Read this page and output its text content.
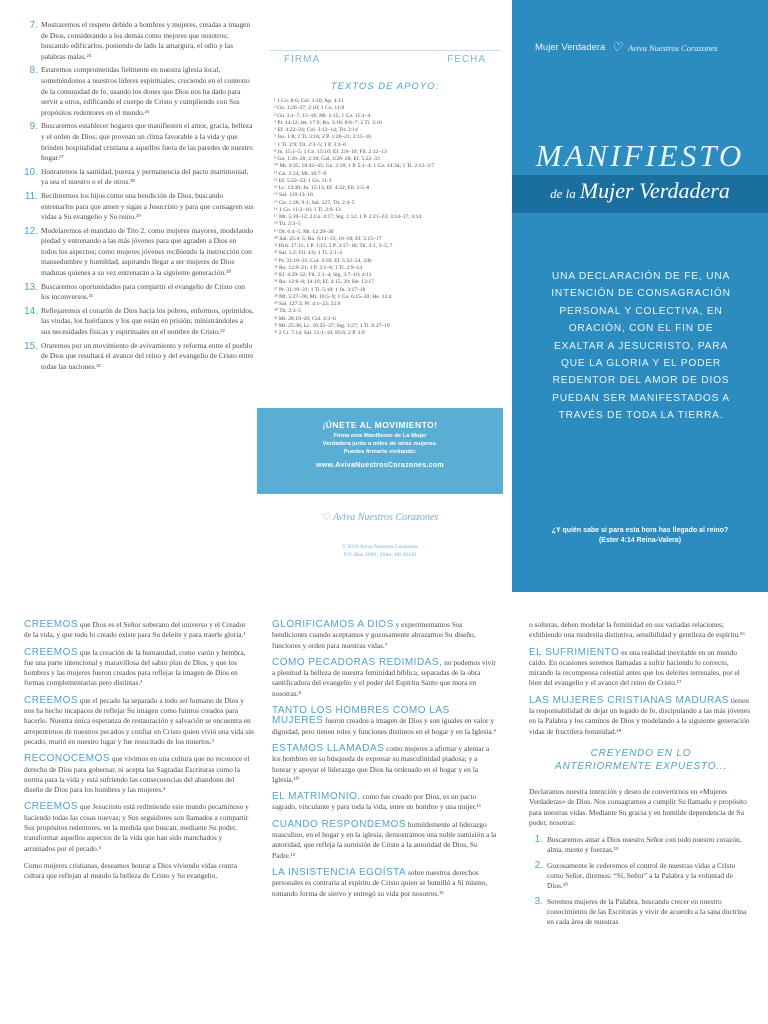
7. Mostraremos el respeto debido a hombres y mujeres, creadas a imagen de Dios, considerando a los demás como mejores que nosotros; buscando edificarlos, poniendo de lado la amargura, el odio y las palabras malas.²⁵
8. Estaremos comprometidas fielmente en nuestra iglesia local, sometiéndonos a nuestros líderes espirituales, creciendo en el contexto de la comunidad de fe, usando los dones que Dios nos ha dado para servir a otros, edificando el cuerpo de Cristo y cumpliendo con Sus propósitos redentores en el mundo.²⁶
9. Buscaremos establecer hogares que manifiesten el amor, gracia, belleza y el orden de Dios; que provean un clima favorable a la vida y que brinden hospitalidad cristiana a aquellos fuera de las paredes de nuestro hogar.²⁷
10. Honraremos la santidad, pureza y permanencia del pacto matrimonial, ya sea el nuestro o el de otros.²⁸
11. Recibiremos los hijos como una bendición de Dios, buscando entrenarlos para que amen y sigan a Jesucristo y para que consagren sus vidas a Su evangelio y Su reino.²⁹
12. Modelaremos el mandato de Tito 2, como mujeres mayores, modelando piedad y entrenando a las más jóvenes para que agraden a Dios en todos los aspectos; como mujeres jóvenes recibiendo la instrucción con mansedumbre y humildad, aspirando llegar a ser mujeres de Dios maduras quienes a su vez entrenarán a la siguiente generación.³⁰
13. Buscaremos oportunidades para compartir el evangelio de Cristo con los inconversos.³¹
14. Reflejaremos el corazón de Dios hacia los pobres, enfermos, oprimidos, las viudas, los huérfanos y los que están en prisión; ministrándoles a sus necesidades físicas y espirituales en el nombre de Cristo.³²
15. Oraremos por un movimiento de avivamiento y reforma entre el pueblo de Dios que resultará el avance del reino y del evangelio de Cristo entre todas las naciones.³³
FIRMA	FECHA
TEXTOS DE APOYO:
¹ 1 Co. 8:6; Col. 1:16; Ap. 4:11
² Gn. 1:26–27; 2:18; 1 Co. 11:8
³ Gn. 3:1–7, 15–16; Mr. 1:15; 1 Co. 15:1–4
⁴ Pr. 14:12; Jer. 17:9; Ro. 3:18; 8:6–7; 2 Ti. 3:16
⁵ Ef. 4:22–24; Col. 3:12–14; Tit. 2:14
⁶ Jos. 1:8; 2 Ti. 3:16; 2 P. 1:20–21; 3:15–16
⁷ 1 Ti. 2:9; Tit. 2:3–5; 1 P. 3:3–6
⁸ Jn. 15:1–5; 1 Co. 15:10; Ef. 2:8–10; Fil. 2:12–13
⁹ Gn. 1:26–28; 2:18; Gal. 3:26–28; Ef. 5:22–33
¹⁰ Mr. 9:35; 10:42–45; Gn. 2:18; 1 P. 5:1–4; 1 Co. 14:34; 1 Ti. 2:12–3:7
¹¹ Gn. 2:24; Mr. 10:7–9
¹² Ef. 5:22–33; 1 Co. 11:3
¹³ Lc. 13:30; Jn. 15:13; Ef. 4:32; Fil. 2:5–8
¹⁴ Sal. 139:13–16
¹⁵ Gn. 1:28; 9:1; Sal. 127; Tit. 2:4–5
¹⁶ 1 Co. 11:2–16; 1 Ti. 2:9–13
¹⁷ Mt. 5:10–12; 2 Co. 4:17; Stg. 1:12; 1 P. 2:21–23; 3:14–17; 4:14
¹⁸ Tit. 2:3–5
¹⁹ Dt. 6:4–5; Mt. 12:29–30
²⁰ Sal. 25:4–5; Ro. 6:11–13; 16–18; Ef. 5:15–17
²¹ Hch. 17:11; 1 P. 1:15; 2 P. 3:17–18; Tit. 2:1, 3–5, 7
²² Sal. 5:2; Fil. 4:6; 1 Ti. 2:1–2
²³ Pr. 31:10–31; Col. 3:18; Ef. 5:22–24, 33b
²⁴ Ro. 12:9–21; 1 P. 3:1–6; 1 Ti. 2:9–14
²⁵ Ef. 4:29–32; Fil. 2:1–4; Stg. 3:7–10; 4:11
²⁶ Ro. 12:6–8; 14:19; Ef. 4:15, 29; He. 13:17
²⁷ Pr. 31:10–31; 1 Ti. 5:10; 1 Jn. 3:17–18
²⁸ Mt. 5:27–28; Mr. 10:5–9; 1 Co. 6:15–20; He. 13:4
²⁹ Sal. 127:3; Pr. 4:1–23; 22:6
³⁰ Tit. 2:3–5
³¹ Mt. 28:19–20; Col. 4:3–6
³² Mt. 25:36; Lc. 10:25–37; Stg. 1:27; 1 Ti. 6:17–19
³³ 2 Cr. 7:14; Sal. 51:1–10; 85:6; 2 P. 3:9
¡ÚNETE AL MOVIMIENTO!
Firma este Manifiesto de La Mujer
Verdadera junto a miles de otras mujeres.
Puedes firmarlo visitando:
www.AvivaNuestrosCorazones.com
♡ Aviva Nuestros Corazones
© 2016 Aviva Nuestros Corazones
P.O. Box 2000 | Niles, MI 49120
Mujer Verdadera ♡ Aviva Nuestros Corazones
MANIFIESTO
de la Mujer Verdadera
UNA DECLARACIÓN DE FE, UNA
INTENCIÓN DE CONSAGRACIÓN
PERSONAL Y COLECTIVA, EN
ORACIÓN, CON EL FIN DE
EXALTAR A JESUCRISTO, PARA
QUE LA GLORIA Y EL PODER
REDENTOR DEL AMOR DE DIOS
PUEDAN SER MANIFESTADOS A
TRAVÉS DE TODA LA TIERRA.
¿Y quién sabe si para esta hora has llegado al reino?
(Ester 4:14 Reina-Valera)
CREEMOS que Dios es el Señor soberano del universo y el Creador de la vida, y que todo lo creado existe para Su deleite y para traerle gloria.¹
CREEMOS que la creación de la humanidad, como varón y hembra, fue una parte intencional y maravillosa del sabio plan de Dios, y que los hombres y las mujeres fueron creados para reflejar la imagen de Dios en formas complementarias pero distintas.²
CREEMOS que el pecado ha separado a todo ser humano de Dios y nos ha hecho incapaces de reflejar Su imagen como fuimos creados para hacerlo. Nuestra única esperanza de restauración y salvación se encuentra en arrepentirnos de nuestros pecados y confiar en Cristo quien vivió una vida sin pecado, murió en nuestro lugar y fue resucitado de los muertos.³
RECONOCEMOS que vivimos en una cultura que no reconoce el derecho de Dios para gobernar, ni acepta las Sagradas Escrituras como la norma para la vida y está sufriendo las consecuencias del abandono del diseño de Dios para los hombres y las mujeres.⁴
CREEMOS que Jesucristo está redimiendo este mundo pecaminoso y haciendo todas las cosas nuevas; y Sus seguidores son llamados a compartir Sus propósitos redentores, en la medida que buscan, mediante Su poder, transformar aquellos aspectos de la vida que han sido manchados y arruinados por el pecado.⁵
Como mujeres cristianas, deseamos honrar a Dios viviendo vidas contra cultura que reflejan al mundo la belleza de Cristo y Su evangelio.
GLORIFICAMOS A DIOS y experimentamos Sus bendiciones cuando aceptamos y gozosamente abrazamos Su diseño, funciones y orden para nuestras vidas.⁷
COMO PECADORAS REDIMIDAS, no podemos vivir a plenitud la belleza de nuestra feminidad bíblica, separadas de la obra santificadora del evangelio y el poder del Espíritu Santo que mora en nosotras.⁸
TANTO LOS HOMBRES COMO LAS MUJERES fueron creados a imagen de Dios y son iguales en valor y dignidad, pero tienen roles y funciones distintos en el hogar y en la Iglesia.⁹
ESTAMOS LLAMADAS como mujeres a afirmar y alentar a los hombres en su búsqueda de expresar su masculinidad piadosa; y a honrar y apoyar el liderazgo que Dios ha ordenado en el hogar y en la Iglesia.¹⁰
EL MATRIMONIO, como fue creado por Dios, es un pacto sagrado, vinculante y para toda la vida, entre un hombre y una mujer.¹¹
CUANDO RESPONDEMOS humildemente al liderazgo masculino, en el hogar y en la iglesia, demostramos una noble sumisión a la autoridad, que refleja la sumisión de Cristo a la autoridad de Dios, Su Padre.¹²
LA INSISTENCIA EGOÍSTA sobre nuestros derechos personales es contraria al espíritu de Cristo quien se humilló a Sí mismo, tomando forma de siervo y entregó su vida por nosotros.¹³
o solteras, deben modelar la feminidad en sus variadas relaciones; exhibiendo una modestia distintiva, sensibilidad y gentileza de espíritu.¹⁶
EL SUFRIMIENTO es una realidad inevitable en un mundo caído. En ocasiones seremos llamadas a sufrir haciendo lo correcto, mirando la recompensa celestial antes que los deleites terrenales, por el bien del evangelio y el avance del reino de Cristo.¹⁷
LAS MUJERES CRISTIANAS MADURAS tienen la responsabilidad de dejar un legado de fe, discipulando a las más jóvenes en la Palabra y los caminos de Dios y modelando a la siguiente generación vidas de fructífera feminidad.¹⁸
CREYENDO EN LO
ANTERIORMENTE EXPUESTO...
Declaramos nuestra intención y deseo de convertirnos en «Mujeres Verdaderas» de Dios. Nos consagramos a cumplir Su llamado y propósito para nuestras vidas. Mediante Su gracia y en humilde dependencia de Su poder, nosotras:
1. Buscaremos amar a Dios nuestro Señor con todo nuestro corazón, alma, mente y fuerzas.¹⁹
2. Gozosamente le cederemos el control de nuestras vidas a Cristo como Señor, diremos: “Sí, Señor” a la Palabra y la voluntad de Dios.²⁰
3. Seremos mujeres de la Palabra, buscando crecer en nuestro conocimiento de las Escrituras y vivir de acuerdo a la sana doctrina en cada área de nuestras
